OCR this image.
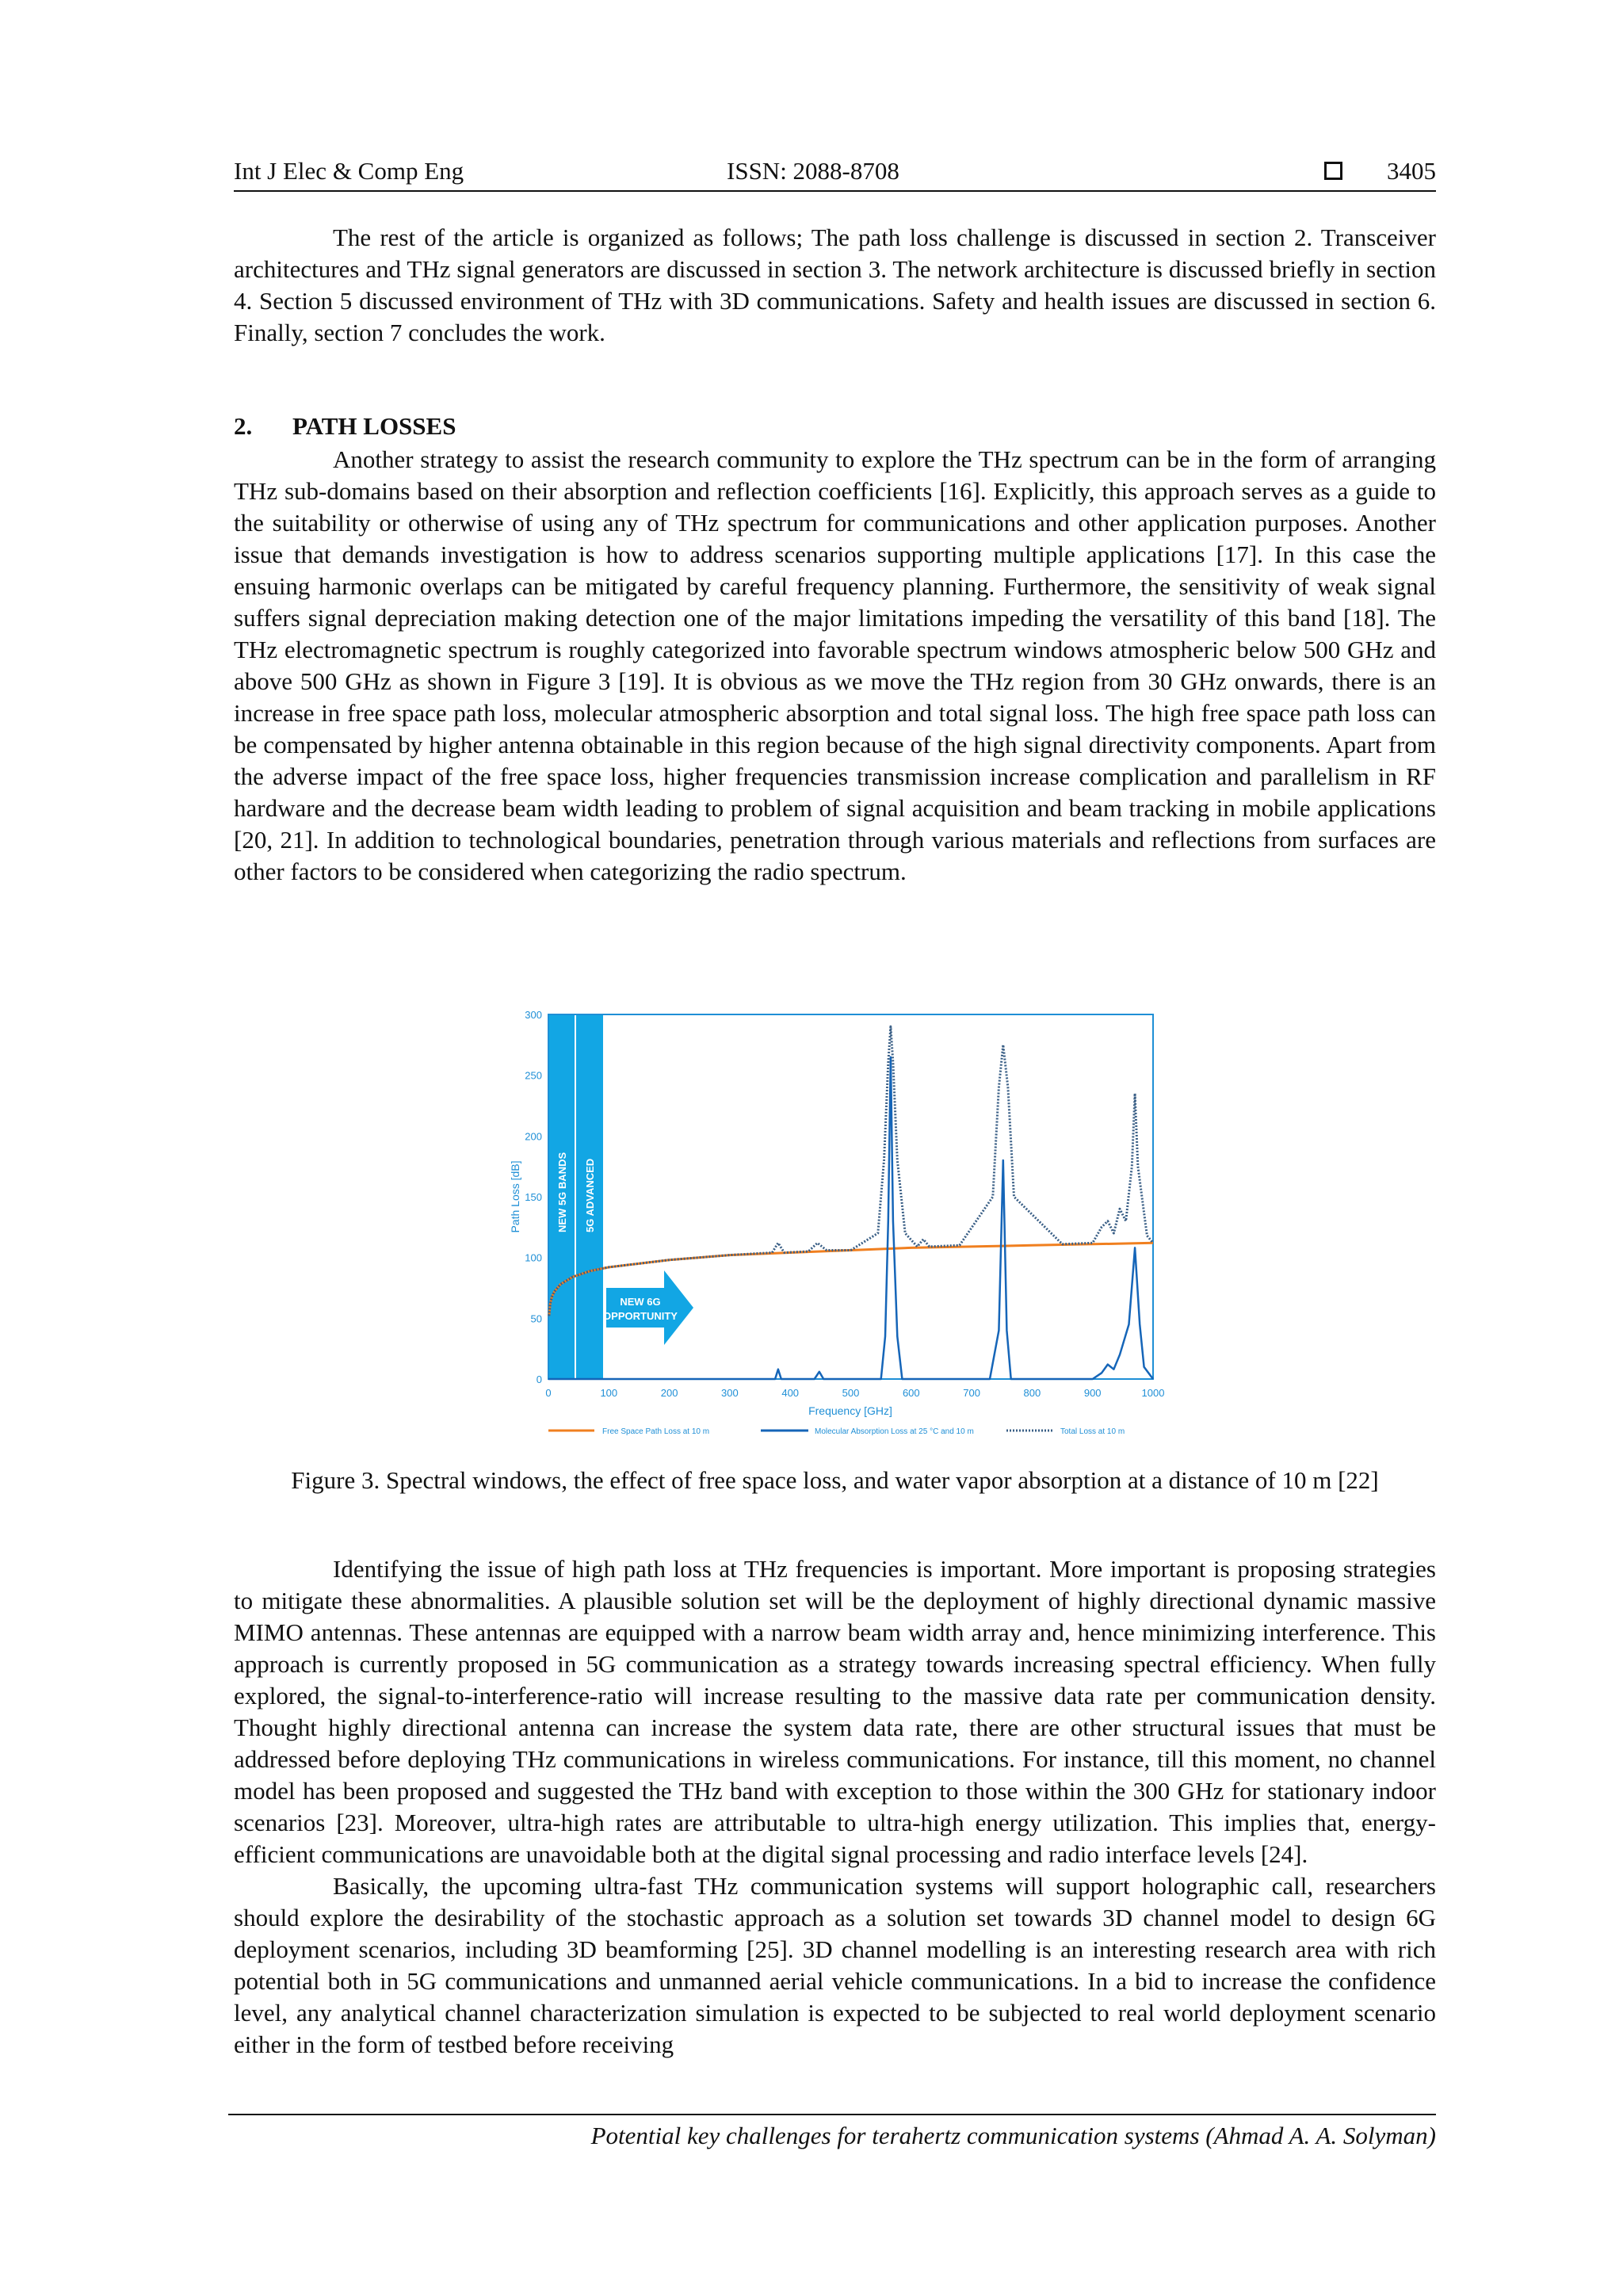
Int J Elec & Comp Eng	ISSN: 2088-8708	3405

The rest of the article is organized as follows; The path loss challenge is discussed in section 2. Transceiver architectures and THz signal generators are discussed in section 3. The network architecture is discussed briefly in section 4. Section 5 discussed environment of THz with 3D communications. Safety and health issues are discussed in section 6. Finally, section 7 concludes the work.

2. PATH LOSSES

Another strategy to assist the research community to explore the THz spectrum can be in the form of arranging THz sub-domains based on their absorption and reflection coefficients [16]. Explicitly, this approach serves as a guide to the suitability or otherwise of using any of THz spectrum for communications and other application purposes. Another issue that demands investigation is how to address scenarios supporting multiple applications [17]. In this case the ensuing harmonic overlaps can be mitigated by careful frequency planning. Furthermore, the sensitivity of weak signal suffers signal depreciation making detection one of the major limitations impeding the versatility of this band [18]. The THz electromagnetic spectrum is roughly categorized into favorable spectrum windows atmospheric below 500 GHz and above 500 GHz as shown in Figure 3 [19]. It is obvious as we move the THz region from 30 GHz onwards, there is an increase in free space path loss, molecular atmospheric absorption and total signal loss. The high free space path loss can be compensated by higher antenna obtainable in this region because of the high signal directivity components. Apart from the adverse impact of the free space loss, higher frequencies transmission increase complication and parallelism in RF hardware and the decrease beam width leading to problem of signal acquisition and beam tracking in mobile applications [20, 21]. In addition to technological boundaries, penetration through various materials and reflections from surfaces are other factors to be considered when categorizing the radio spectrum.

NEW 5G BANDS 5G ADVANCED
NEW 6G
OPPORTUNITY
0	100	200	300	400	500	600	700	800	900	1000
0
50
100
150
200
250
300
Frequency [GHz]
Path Loss [dB]
Free Space Path Loss at 10 m	Molecular Absorption Loss at 25 °C and 10 m	Total Loss at 10 m
Figure 3. Spectral windows, the effect of free space loss, and water vapor absorption at a distance of 10 m [22]

Identifying the issue of high path loss at THz frequencies is important. More important is proposing strategies to mitigate these abnormalities. A plausible solution set will be the deployment of highly directional dynamic massive MIMO antennas. These antennas are equipped with a narrow beam width array and, hence minimizing interference. This approach is currently proposed in 5G communication as a strategy towards increasing spectral efficiency. When fully explored, the signal-to-interference-ratio will increase resulting to the massive data rate per communication density. Thought highly directional antenna can increase the system data rate, there are other structural issues that must be addressed before deploying THz communications in wireless communications. For instance, till this moment, no channel model has been proposed and suggested the THz band with exception to those within the 300 GHz for stationary indoor scenarios [23]. Moreover, ultra-high rates are attributable to ultra-high energy utilization. This implies that, energy-efficient communications are unavoidable both at the digital signal processing and radio interface levels [24].

Basically, the upcoming ultra-fast THz communication systems will support holographic call, researchers should explore the desirability of the stochastic approach as a solution set towards 3D channel model to design 6G deployment scenarios, including 3D beamforming [25]. 3D channel modelling is an interesting research area with rich potential both in 5G communications and unmanned aerial vehicle communications. In a bid to increase the confidence level, any analytical channel characterization simulation is expected to be subjected to real world deployment scenario either in the form of testbed before receiving

Potential key challenges for terahertz communication systems (Ahmad A. A. Solyman)
